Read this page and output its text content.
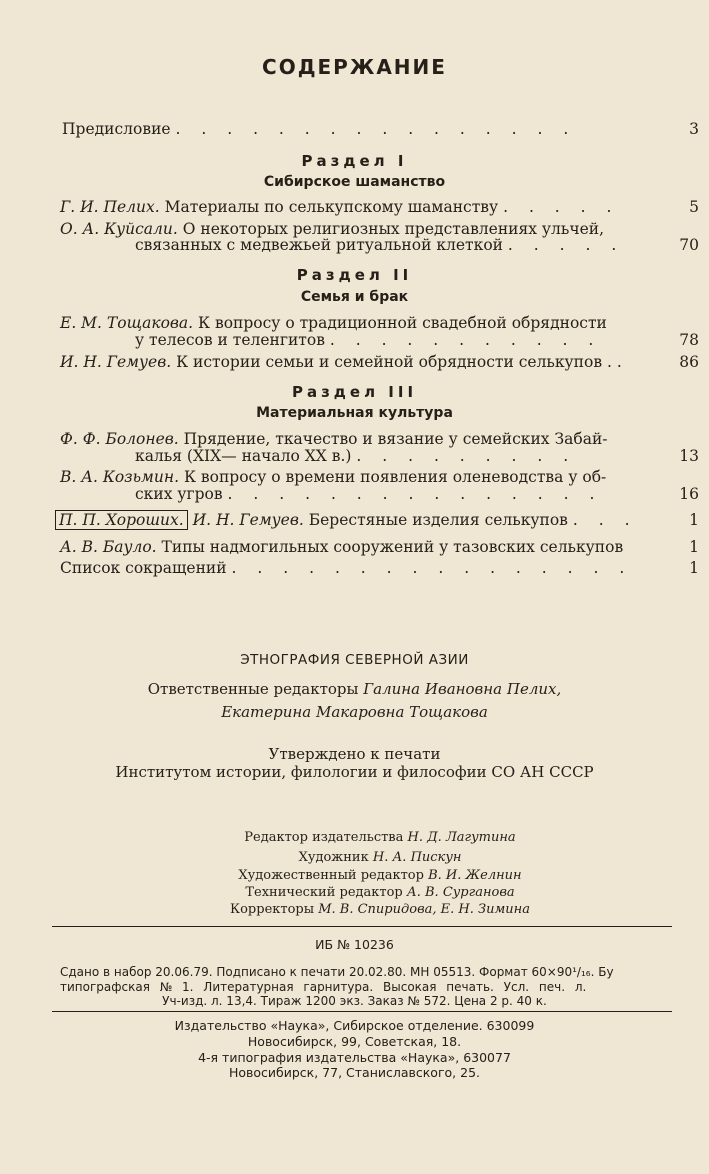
СОДЕРЖАНИЕ
Предисловие . . . . . . . . . . . . . . . .	3
Раздел I
Сибирское шаманство
Г. И. Пелих. Материалы по селькупскому шаманству . . . . .	5
О. А. Куйсали. О некоторых религиозных представлениях ульчей,
связанных с медвежьей ритуальной клеткой . . . . .	70
Раздел II
Семья и брак
Е. М. Тощакова. К вопросу о традиционной свадебной обрядности
у телесов и теленгитов . . . . . . . . . . .	78
И. Н. Гемуев. К истории семьи и семейной обрядности селькупов . .	86
Раздел III
Материальная культура
Ф. Ф. Болонев. Прядение, ткачество и вязание у семейских Забай-
калья (XIX— начало XX в.) . . . . . . . . .	13
В. А. Козьмин. К вопросу о времени появления оленеводства у об-
ских угров . . . . . . . . . . . . . . .	16
П. П. Хороших. И. Н. Гемуев. Берестяные изделия селькупов . . .	1
А. В. Бауло. Типы надмогильных сооружений у тазовских селькупов	1
Список сокращений . . . . . . . . . . . . . . . .	1
ЭТНОГРАФИЯ СЕВЕРНОЙ АЗИИ
Ответственные редакторы Галина Ивановна Пелих,
Екатерина Макаровна Тощакова
Утверждено к печати
Институтом истории, филологии и философии СО АН СССР
Редактор издательства Н. Д. Лагутина
Художник Н. А. Пискун
Художественный редактор В. И. Желнин
Технический редактор А. В. Сурганова
Корректоры М. В. Спиридова, Е. Н. Зимина
ИБ № 10236
Сдано в набор 20.06.79. Подписано к печати 20.02.80. МН 05513. Формат 60×90¹/₁₆. Бу
типографская № 1. Литературная гарнитура. Высокая печать. Усл. печ. л.
Уч-изд. л. 13,4. Тираж 1200 экз. Заказ № 572. Цена 2 р. 40 к.
Издательство «Наука», Сибирское отделение. 630099
Новосибирск, 99, Советская, 18.
4-я типография издательства «Наука», 630077
Новосибирск, 77, Станиславского, 25.
